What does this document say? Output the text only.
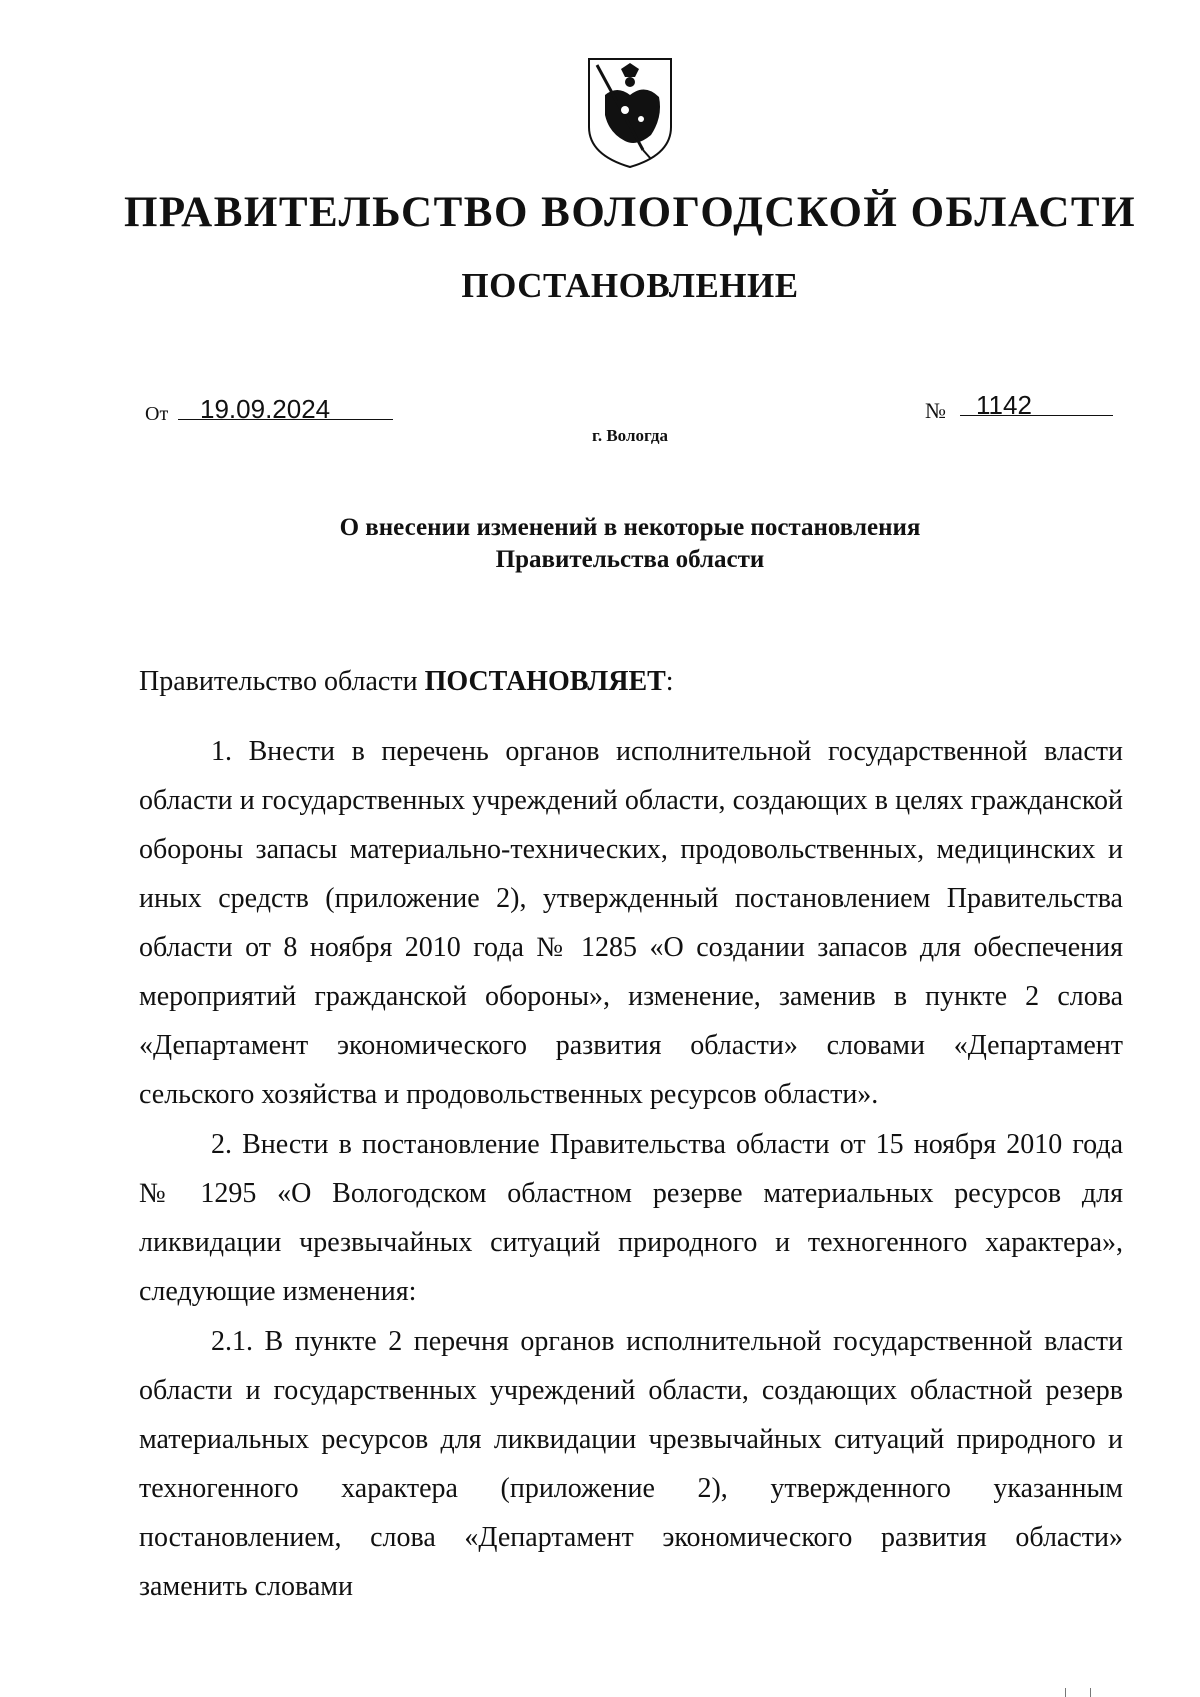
ПРАВИТЕЛЬСТВО ВОЛОГОДСКОЙ ОБЛАСТИ
ПОСТАНОВЛЕНИЕ
От 19.09.2024	№ 1142
г. Вологда
О внесении изменений в некоторые постановления
Правительства области
Правительство области ПОСТАНОВЛЯЕТ:

1. Внести в перечень органов исполнительной государственной власти области и государственных учреждений области, создающих в целях гражданской обороны запасы материально-технических, продовольственных, медицинских и иных средств (приложение 2), утвержденный постановлением Правительства области от 8 ноября 2010 года № 1285 «О создании запасов для обеспечения мероприятий гражданской обороны», изменение, заменив в пункте 2 слова «Департамент экономического развития области» словами «Департамент сельского хозяйства и продовольственных ресурсов области».

2. Внести в постановление Правительства области от 15 ноября 2010 года № 1295 «О Вологодском областном резерве материальных ресурсов для ликвидации чрезвычайных ситуаций природного и техногенного характера», следующие изменения:

2.1. В пункте 2 перечня органов исполнительной государственной власти области и государственных учреждений области, создающих областной резерв материальных ресурсов для ликвидации чрезвычайных ситуаций природного и техногенного характера (приложение 2), утвержденного указанным постановлением, слова «Департамент экономического развития области» заменить словами
